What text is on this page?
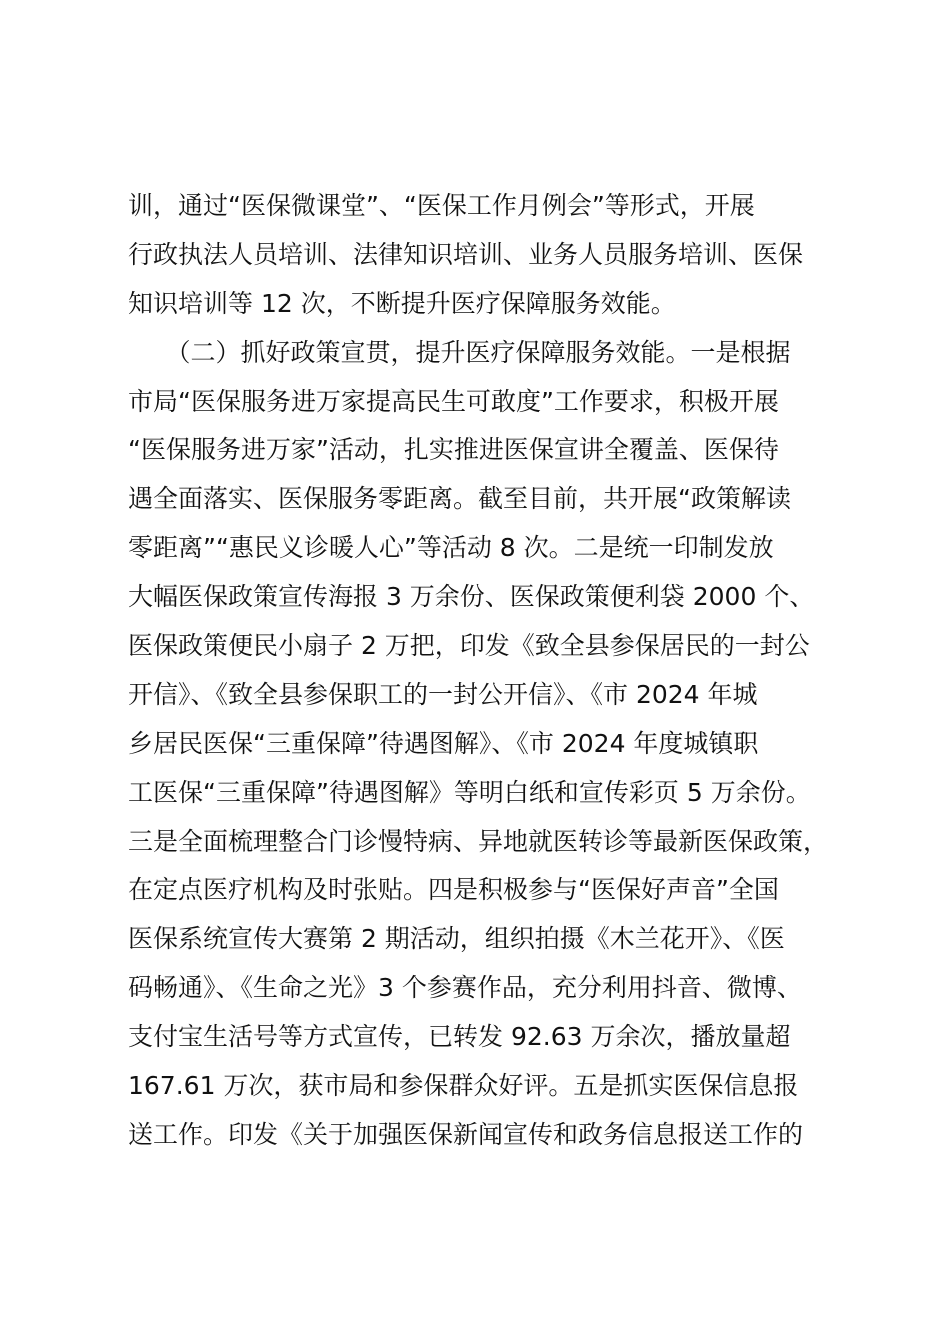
训，通过“医保微课堂”、“医保工作月例会”等形式，开展
行政执法人员培训、法律知识培训、业务人员服务培训、医保
知识培训等 12 次，不断提升医疗保障服务效能。
　　（二）抓好政策宣贯，提升医疗保障服务效能。一是根据
市局“医保服务进万家提高民生可敢度”工作要求，积极开展
“医保服务进万家”活动，扎实推进医保宣讲全覆盖、医保待
遇全面落实、医保服务零距离。截至目前，共开展“政策解读
零距离”“惠民义诊暖人心”等活动 8 次。二是统一印制发放
大幅医保政策宣传海报 3 万余份、医保政策便利袋 2000 个、
医保政策便民小扇子 2 万把，印发《致全县参保居民的一封公
开信》、《致全县参保职工的一封公开信》、《市 2024 年城
乡居民医保“三重保障”待遇图解》、《市 2024 年度城镇职
工医保“三重保障”待遇图解》等明白纸和宣传彩页 5 万余份。
三是全面梳理整合门诊慢特病、异地就医转诊等最新医保政策，
在定点医疗机构及时张贴。四是积极参与“医保好声音”全国
医保系统宣传大赛第 2 期活动，组织拍摄《木兰花开》、《医
码畅通》、《生命之光》3 个参赛作品，充分利用抖音、微博、
支付宝生活号等方式宣传，已转发 92.63 万余次，播放量超
167.61 万次，获市局和参保群众好评。五是抓实医保信息报
送工作。印发《关于加强医保新闻宣传和政务信息报送工作的
